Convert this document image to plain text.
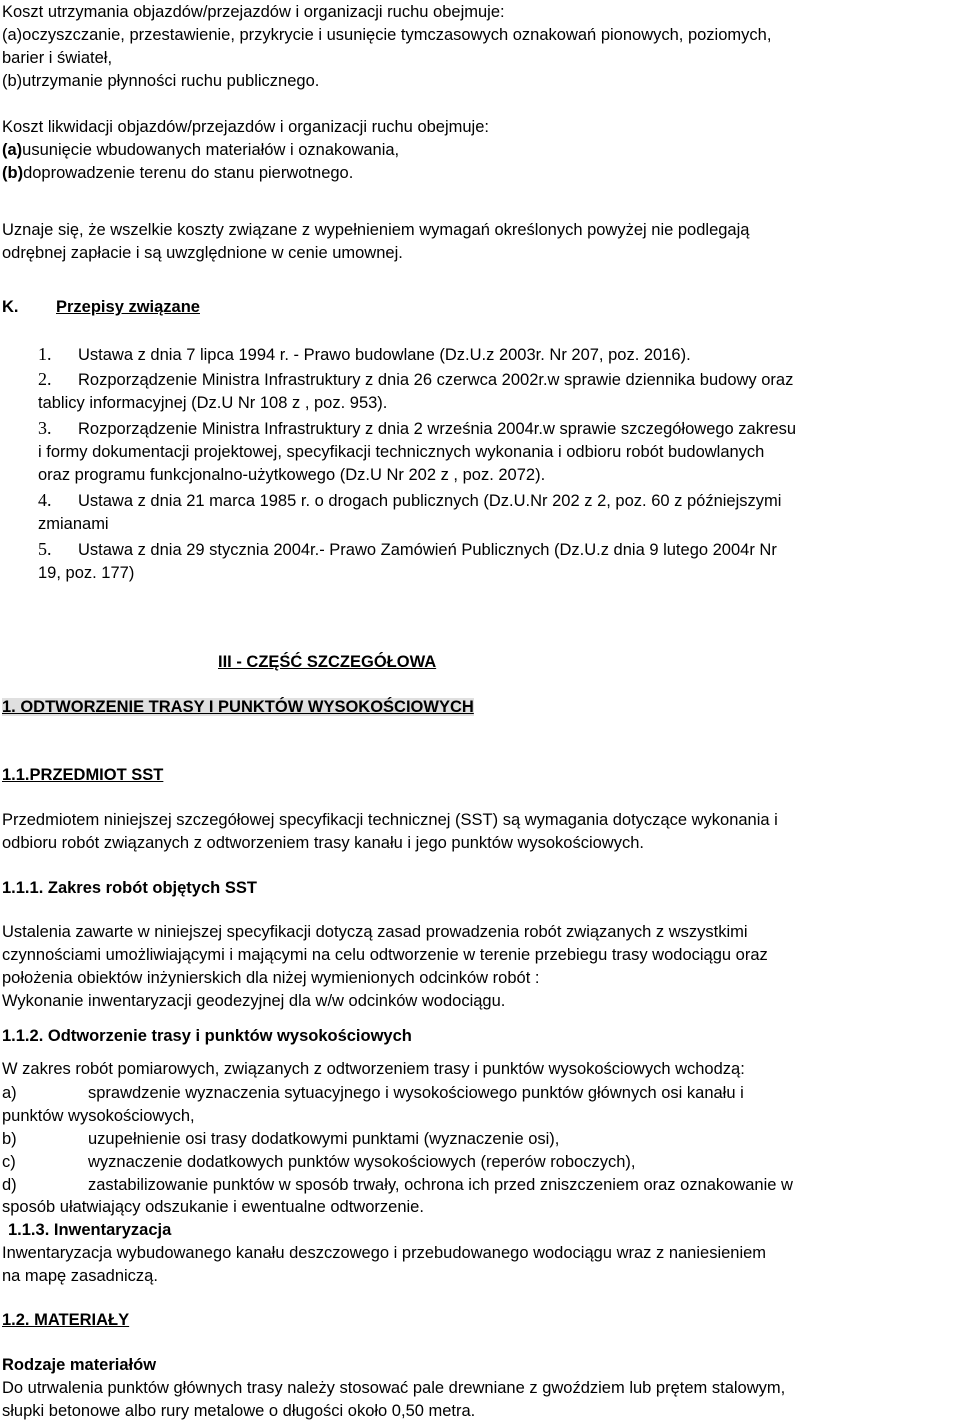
Koszt utrzymania objazdów/przejazdów i organizacji ruchu obejmuje:
(a)oczyszczanie, przestawienie, przykrycie i usunięcie tymczasowych oznakowań pionowych, poziomych,
barier i świateł,
(b)utrzymanie płynności ruchu publicznego.
Koszt likwidacji objazdów/przejazdów i organizacji ruchu obejmuje:
(a)usunięcie wbudowanych materiałów i oznakowania,
(b)doprowadzenie terenu do stanu pierwotnego.
Uznaje się, że wszelkie koszty związane z wypełnieniem wymagań określonych powyżej nie podlegają
odrębnej zapłacie i są uwzględnione w cenie umownej.
K. Przepisy związane
1. Ustawa z dnia 7 lipca 1994 r. - Prawo budowlane (Dz.U.z 2003r. Nr 207, poz. 2016).
2. Rozporządzenie Ministra Infrastruktury z dnia 26 czerwca 2002r.w sprawie dziennika budowy oraz
tablicy informacyjnej (Dz.U Nr 108 z , poz. 953).
3. Rozporządzenie Ministra Infrastruktury z dnia 2 września 2004r.w sprawie szczegółowego zakresu
i formy dokumentacji projektowej, specyfikacji technicznych wykonania i odbioru robót budowlanych
oraz programu funkcjonalno-użytkowego (Dz.U Nr 202 z , poz. 2072).
4. Ustawa z dnia 21 marca 1985 r. o drogach publicznych (Dz.U.Nr 202 z 2, poz. 60 z późniejszymi
zmianami
5. Ustawa z dnia 29 stycznia 2004r.- Prawo Zamówień Publicznych (Dz.U.z dnia 9 lutego 2004r Nr
19, poz. 177)
III - CZĘŚĆ SZCZEGÓŁOWA
1. ODTWORZENIE TRASY I PUNKTÓW WYSOKOŚCIOWYCH
1.1.PRZEDMIOT SST
Przedmiotem niniejszej szczegółowej specyfikacji technicznej (SST) są wymagania dotyczące wykonania i
odbioru robót związanych z odtworzeniem trasy kanału i jego punktów wysokościowych.
1.1.1. Zakres robót objętych SST
Ustalenia zawarte w niniejszej specyfikacji dotyczą zasad prowadzenia robót związanych z wszystkimi
czynnościami umożliwiającymi i mającymi na celu odtworzenie w terenie przebiegu trasy wodociągu oraz
położenia obiektów inżynierskich dla niżej wymienionych odcinków robót :
Wykonanie inwentaryzacji geodezyjnej dla w/w odcinków wodociągu.
1.1.2. Odtworzenie trasy i punktów wysokościowych
W zakres robót pomiarowych, związanych z odtworzeniem trasy i punktów wysokościowych wchodzą:
a)	sprawdzenie wyznaczenia sytuacyjnego i wysokościowego punktów głównych osi kanału i
punktów wysokościowych,
b)	uzupełnienie osi trasy dodatkowymi punktami (wyznaczenie osi),
c)	wyznaczenie dodatkowych punktów wysokościowych (reperów roboczych),
d)	zastabilizowanie punktów w sposób trwały, ochrona ich przed zniszczeniem oraz oznakowanie w
sposób ułatwiający odszukanie i ewentualne odtworzenie.
1.1.3. Inwentaryzacja
Inwentaryzacja wybudowanego kanału deszczowego i przebudowanego wodociągu wraz z naniesieniem
na mapę zasadniczą.
1.2. MATERIAŁY
Rodzaje materiałów
Do utrwalenia punktów głównych trasy należy stosować pale drewniane z gwoździem lub prętem stalowym,
słupki betonowe albo rury metalowe o długości około 0,50 metra.
